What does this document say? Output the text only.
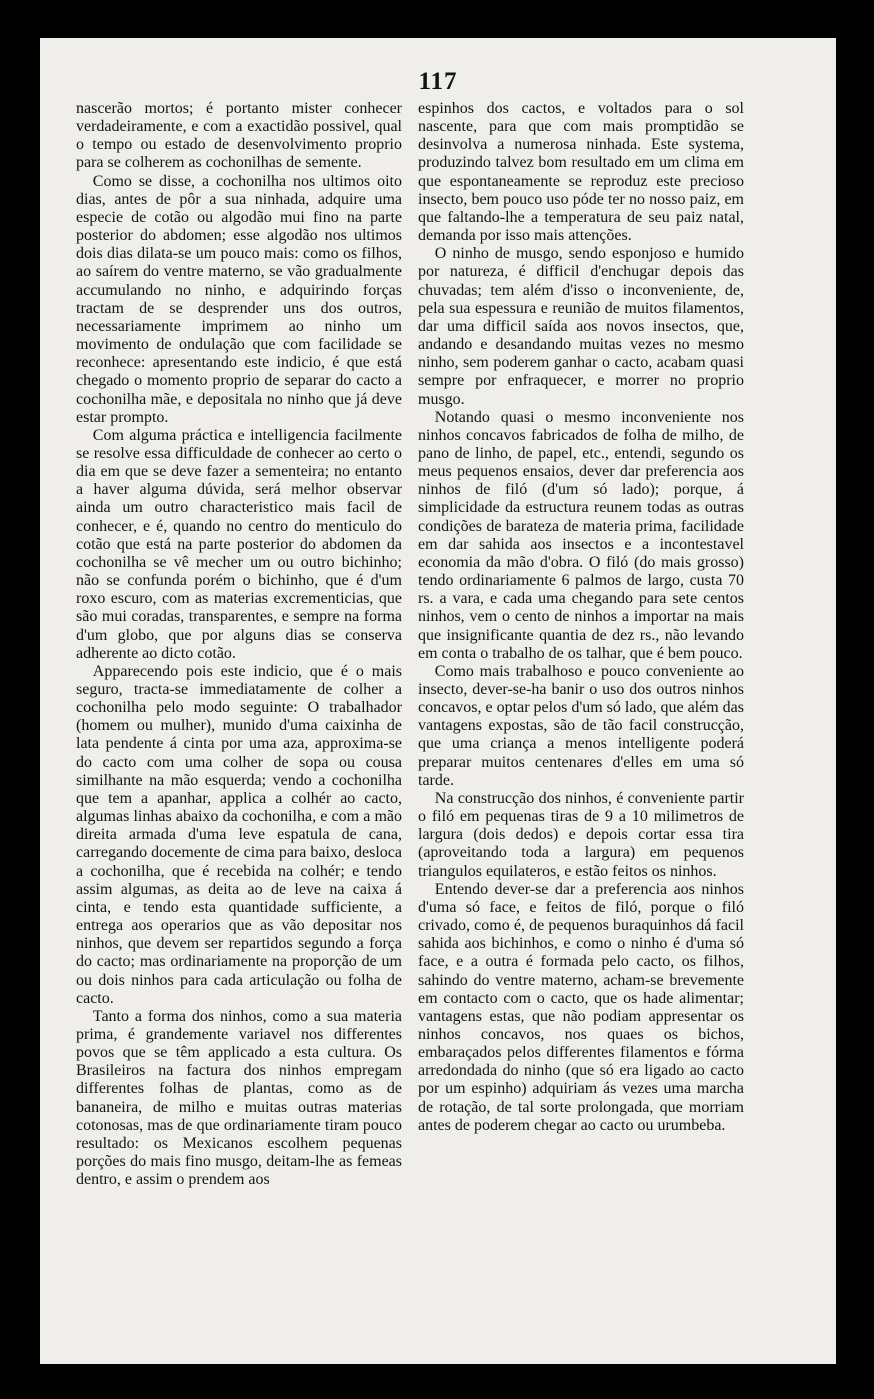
117

nascerão mortos; é portanto mister conhecer verdadeiramente, e com a exactidão possivel, qual o tempo ou estado de desenvolvimento proprio para se colherem as cochonilhas de semente.

Como se disse, a cochonilha nos ultimos oito dias, antes de pôr a sua ninhada, adquire uma especie de cotão ou algodão mui fino na parte posterior do abdomen; esse algodão nos ultimos dois dias dilata-se um pouco mais: como os filhos, ao saírem do ventre materno, se vão gradualmente accumulando no ninho, e adquirindo forças tractam de se desprender uns dos outros, necessariamente imprimem ao ninho um movimento de ondulação que com facilidade se reconhece: apresentando este indicio, é que está chegado o momento proprio de separar do cacto a cochonilha mãe, e depositala no ninho que já deve estar prompto.

Com alguma práctica e intelligencia facilmente se resolve essa difficuldade de conhecer ao certo o dia em que se deve fazer a sementeira; no entanto a haver alguma dúvida, será melhor observar ainda um outro characteristico mais facil de conhecer, e é, quando no centro do menticulo do cotão que está na parte posterior do abdomen da cochonilha se vê mecher um ou outro bichinho; não se confunda porém o bichinho, que é d'um roxo escuro, com as materias excrementicias, que são mui coradas, transparentes, e sempre na forma d'um globo, que por alguns dias se conserva adherente ao dicto cotão.

Apparecendo pois este indicio, que é o mais seguro, tracta-se immediatamente de colher a cochonilha pelo modo seguinte: O trabalhador (homem ou mulher), munido d'uma caixinha de lata pendente á cinta por uma aza, approxima-se do cacto com uma colher de sopa ou cousa similhante na mão esquerda; vendo a cochonilha que tem a apanhar, applica a colhér ao cacto, algumas linhas abaixo da cochonilha, e com a mão direita armada d'uma leve espatula de cana, carregando docemente de cima para baixo, desloca a cochonilha, que é recebida na colhér; e tendo assim algumas, as deita ao de leve na caixa á cinta, e tendo esta quantidade sufficiente, a entrega aos operarios que as vão depositar nos ninhos, que devem ser repartidos segundo a força do cacto; mas ordinariamente na proporção de um ou dois ninhos para cada articulação ou folha de cacto.

Tanto a forma dos ninhos, como a sua materia prima, é grandemente variavel nos differentes povos que se têm applicado a esta cultura. Os Brasileiros na factura dos ninhos empregam differentes folhas de plantas, como as de bananeira, de milho e muitas outras materias cotonosas, mas de que ordinariamente tiram pouco resultado: os Mexicanos escolhem pequenas porções do mais fino musgo, deitam-lhe as femeas dentro, e assim o prendem aos

espinhos dos cactos, e voltados para o sol nascente, para que com mais promptidão se desinvolva a numerosa ninhada. Este systema, produzindo talvez bom resultado em um clima em que espontaneamente se reproduz este precioso insecto, bem pouco uso póde ter no nosso paiz, em que faltando-lhe a temperatura de seu paiz natal, demanda por isso mais attenções.

O ninho de musgo, sendo esponjoso e humido por natureza, é difficil d'enchugar depois das chuvadas; tem além d'isso o inconveniente, de, pela sua espessura e reunião de muitos filamentos, dar uma difficil saída aos novos insectos, que, andando e desandando muitas vezes no mesmo ninho, sem poderem ganhar o cacto, acabam quasi sempre por enfraquecer, e morrer no proprio musgo.

Notando quasi o mesmo inconveniente nos ninhos concavos fabricados de folha de milho, de pano de linho, de papel, etc., entendi, segundo os meus pequenos ensaios, dever dar preferencia aos ninhos de filó (d'um só lado); porque, á simplicidade da estructura reunem todas as outras condições de barateza de materia prima, facilidade em dar sahida aos insectos e a incontestavel economia da mão d'obra. O filó (do mais grosso) tendo ordinariamente 6 palmos de largo, custa 70 rs. a vara, e cada uma chegando para sete centos ninhos, vem o cento de ninhos a importar na mais que insignificante quantia de dez rs., não levando em conta o trabalho de os talhar, que é bem pouco.

Como mais trabalhoso e pouco conveniente ao insecto, dever-se-ha banir o uso dos outros ninhos concavos, e optar pelos d'um só lado, que além das vantagens expostas, são de tão facil construcção, que uma criança a menos intelligente poderá preparar muitos centenares d'elles em uma só tarde.

Na construcção dos ninhos, é conveniente partir o filó em pequenas tiras de 9 a 10 milimetros de largura (dois dedos) e depois cortar essa tira (aproveitando toda a largura) em pequenos triangulos equilateros, e estão feitos os ninhos.

Entendo dever-se dar a preferencia aos ninhos d'uma só face, e feitos de filó, porque o filó crivado, como é, de pequenos buraquinhos dá facil sahida aos bichinhos, e como o ninho é d'uma só face, e a outra é formada pelo cacto, os filhos, sahindo do ventre materno, acham-se brevemente em contacto com o cacto, que os hade alimentar; vantagens estas, que não podiam appresentar os ninhos concavos, nos quaes os bichos, embaraçados pelos differentes filamentos e fórma arredondada do ninho (que só era ligado ao cacto por um espinho) adquiriam ás vezes uma marcha de rotação, de tal sorte prolongada, que morriam antes de poderem chegar ao cacto ou urumbeba.
